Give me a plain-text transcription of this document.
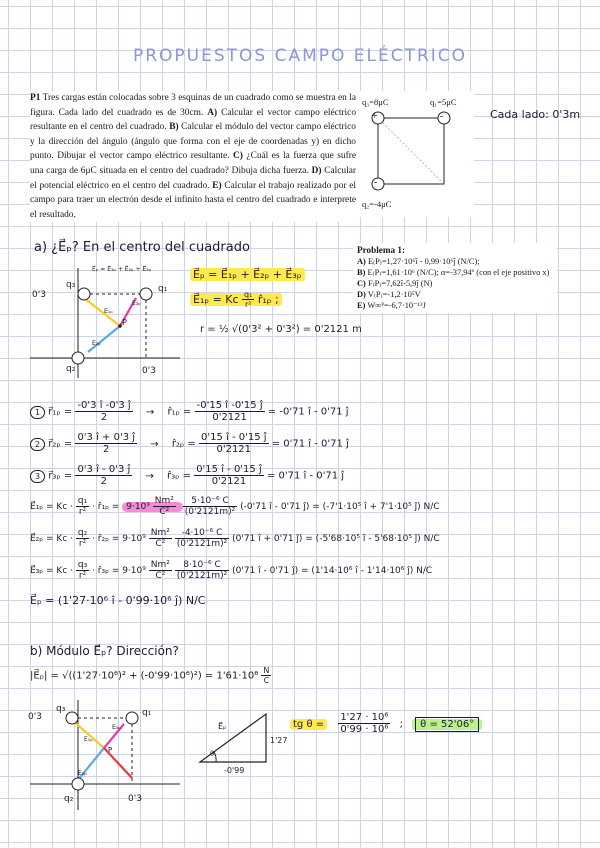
PROPUESTOS CAMPO ELÉCTRICO
P1 Tres cargas están colocadas sobre 3 esquinas de un cuadrado como se muestra en la figura. Cada lado del cuadrado es de 30cm. A) Calcular el vector campo eléctrico resultante en el centro del cuadrado. B) Calcular el módulo del vector campo eléctrico y la dirección del ángulo (ángulo que forma con el eje de coordenadas y) en dicho punto. Dibujar el vector campo eléctrico resultante. C) ¿Cuál es la fuerza que sufre una carga de 6μC situada en el centro del cuadrado? Dibuja dicha fuerza. D) Calcular el potencial eléctrico en el centro del cuadrado. E) Calcular el trabajo realizado por el campo para traer un electrón desde el infinito hasta el centro del cuadrado e interprete el resultado.
+	-
-
q₃=8μC	q₁=5μC
q₂=-4μC
Cada lado: 0'3m
a) ¿E⃗ₚ? En el centro del cuadrado	Problema 1:
A) E₍P₎=1,27·10⁶î - 0,99·10⁶ĵ (N/C);
B) E₍P₎=1,61·10⁶ (N/C); α=-37,94º (con el eje positivo x)
C) F₍P₎=7,62î-5,9ĵ (N)
D) V₍P₎=-1,2·10⁵V
E) W∞ᴾ=-6,7·10⁻¹³J
0'3
q₃	q₁
q₂	0'3
P
E₁ₚ
E₃ₚ
E₂ₚ
E⃗ₚ = E⃗₁ₚ + E⃗₂ₚ + E⃗₃ₚ	E⃗ₚ = E⃗₁ₚ + E⃗₂ₚ + E⃗₃ₚ
E⃗₁ₚ = Kc $\frac{\text{q₁}}{\text{r²}}$ r̂₁ₚ ;
r = ½ √(0'3² + 0'3²) = 0'2121 m
1 r⃗₁ₚ = $\frac{-0'3 î -0'3 ĵ}{2}$ → r̂₁ₚ = $\frac{-0'15 î -0'15 ĵ}{0'2121} = -0'71$ î - 0'71 ĵ
2 r⃗₂ₚ = $\frac{0'3 î + 0'3 ĵ}{2}$ → r̂₂ₚ = $\frac{0'15 î - 0'15 ĵ}{0'2121} = 0'71$ î - 0'71 ĵ
3 r⃗₃ₚ = $\frac{0'3 î - 0'3 ĵ}{2}$ → r̂₃ₚ = $\frac{0'15 î - 0'15 ĵ}{0'2121} = 0'71$ î - 0'71 ĵ
E⃗₁ₚ = $Kc \cdot \frac{\text{q₁}}{\text{r²}}$ · r̂₁ₚ = $9\cdot 10^9 \frac{\text{Nm²}}{\text{C²}}$
$\frac{\text{5·10⁻⁶ C}}{\text{(0'2121m)²}} (-0'71$ î - 0'71 ĵ) = (-7'1·10⁵ î + 7'1·10⁵ ĵ) N/C
E⃗₂ₚ = $Kc \cdot \frac{\text{q₂}}{\text{r²}}$ · r̂₂ₚ = $9\cdot 10^9 \frac{\text{Nm²}}{\text{C²}}$
$\frac{\text{-4·10⁻⁶ C}}{\text{(0'2121m)²}} (0'71$ î + 0'71 ĵ) = (-5'68·10⁵ î - 5'68·10⁵ ĵ) N/C
E⃗₃ₚ = $Kc \cdot \frac{\text{q₃}}{\text{r²}}$ · r̂₃ₚ = $9\cdot 10^9 \frac{\text{Nm²}}{\text{C²}}$
$\frac{\text{8·10⁻⁶ C}}{\text{(0'2121m)²}} (0'71$ î - 0'71 ĵ) = (1'14·10⁶ î - 1'14·10⁶ ĵ) N/C
E⃗ₚ = (1'27·10⁶ î - 0'99·10⁶ ĵ) N/C
b) Módulo E⃗ₚ? Dirección?
|E⃗ₚ| = $√((1'27\cdot 10^6)^2 + (-0'99\cdot 10^6)^2) = 1'61\cdot 10^6 \frac{N}{C}$
0'3
q₃	q₁
q₂	0'3
P
E₁ₚ
E₃ₚ
E₂ₚ
E⃗ₚ
1'27
-0'99
θ
tg $\theta = \frac{\text{1'27 · 10⁶}}{\text{0'99 · 10⁶}}$ ; θ = 52'06°
